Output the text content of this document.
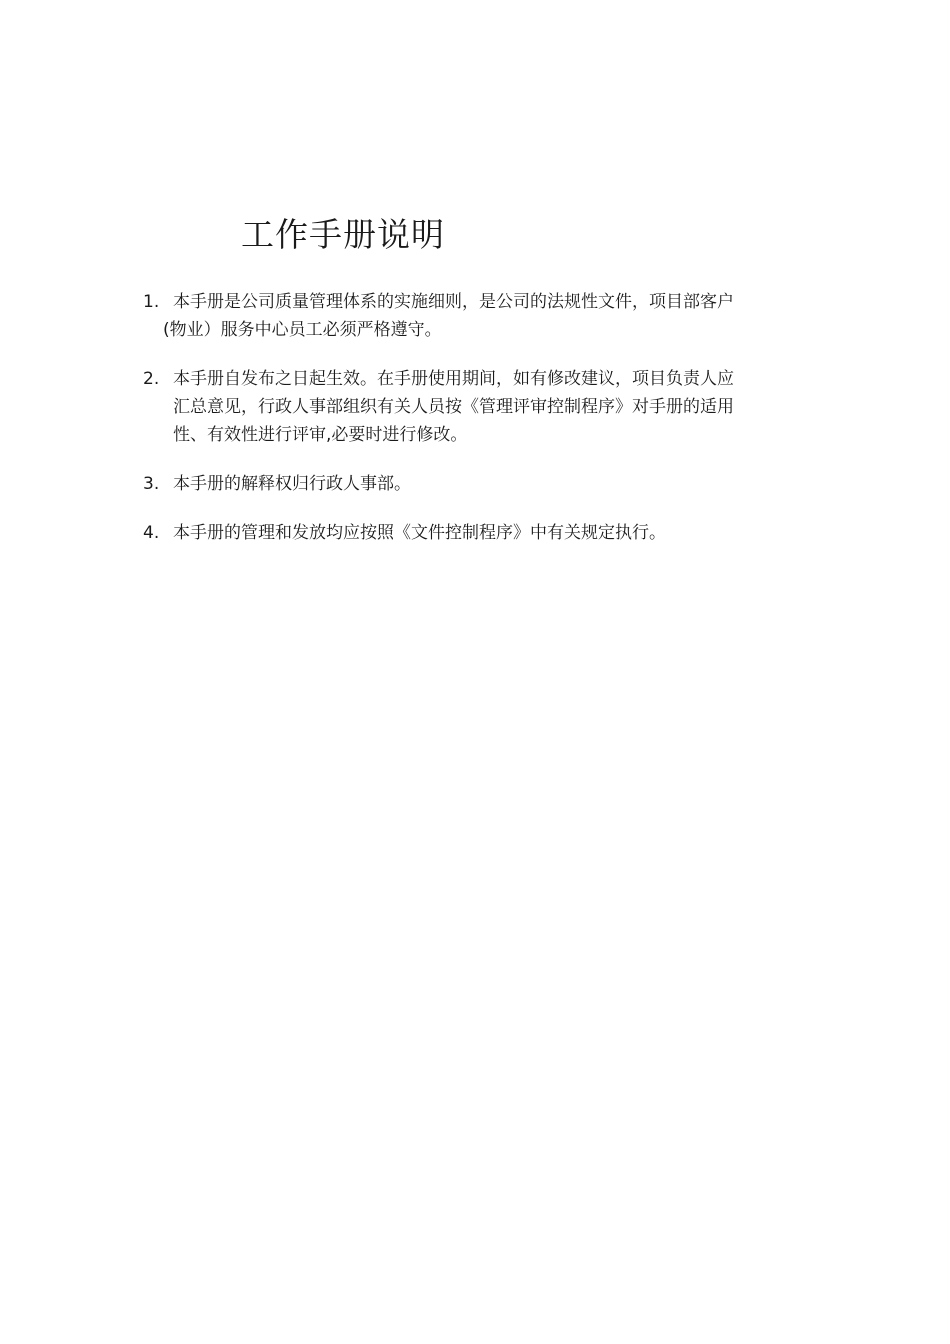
工作手册说明
1. 本手册是公司质量管理体系的实施细则，是公司的法规性文件，项目部客户
(物业）服务中心员工必须严格遵守。
2. 本手册自发布之日起生效。在手册使用期间，如有修改建议，项目负责人应
汇总意见，行政人事部组织有关人员按《管理评审控制程序》对手册的适用
性、有效性进行评审,必要时进行修改。
3. 本手册的解释权归行政人事部。
4. 本手册的管理和发放均应按照《文件控制程序》中有关规定执行。
